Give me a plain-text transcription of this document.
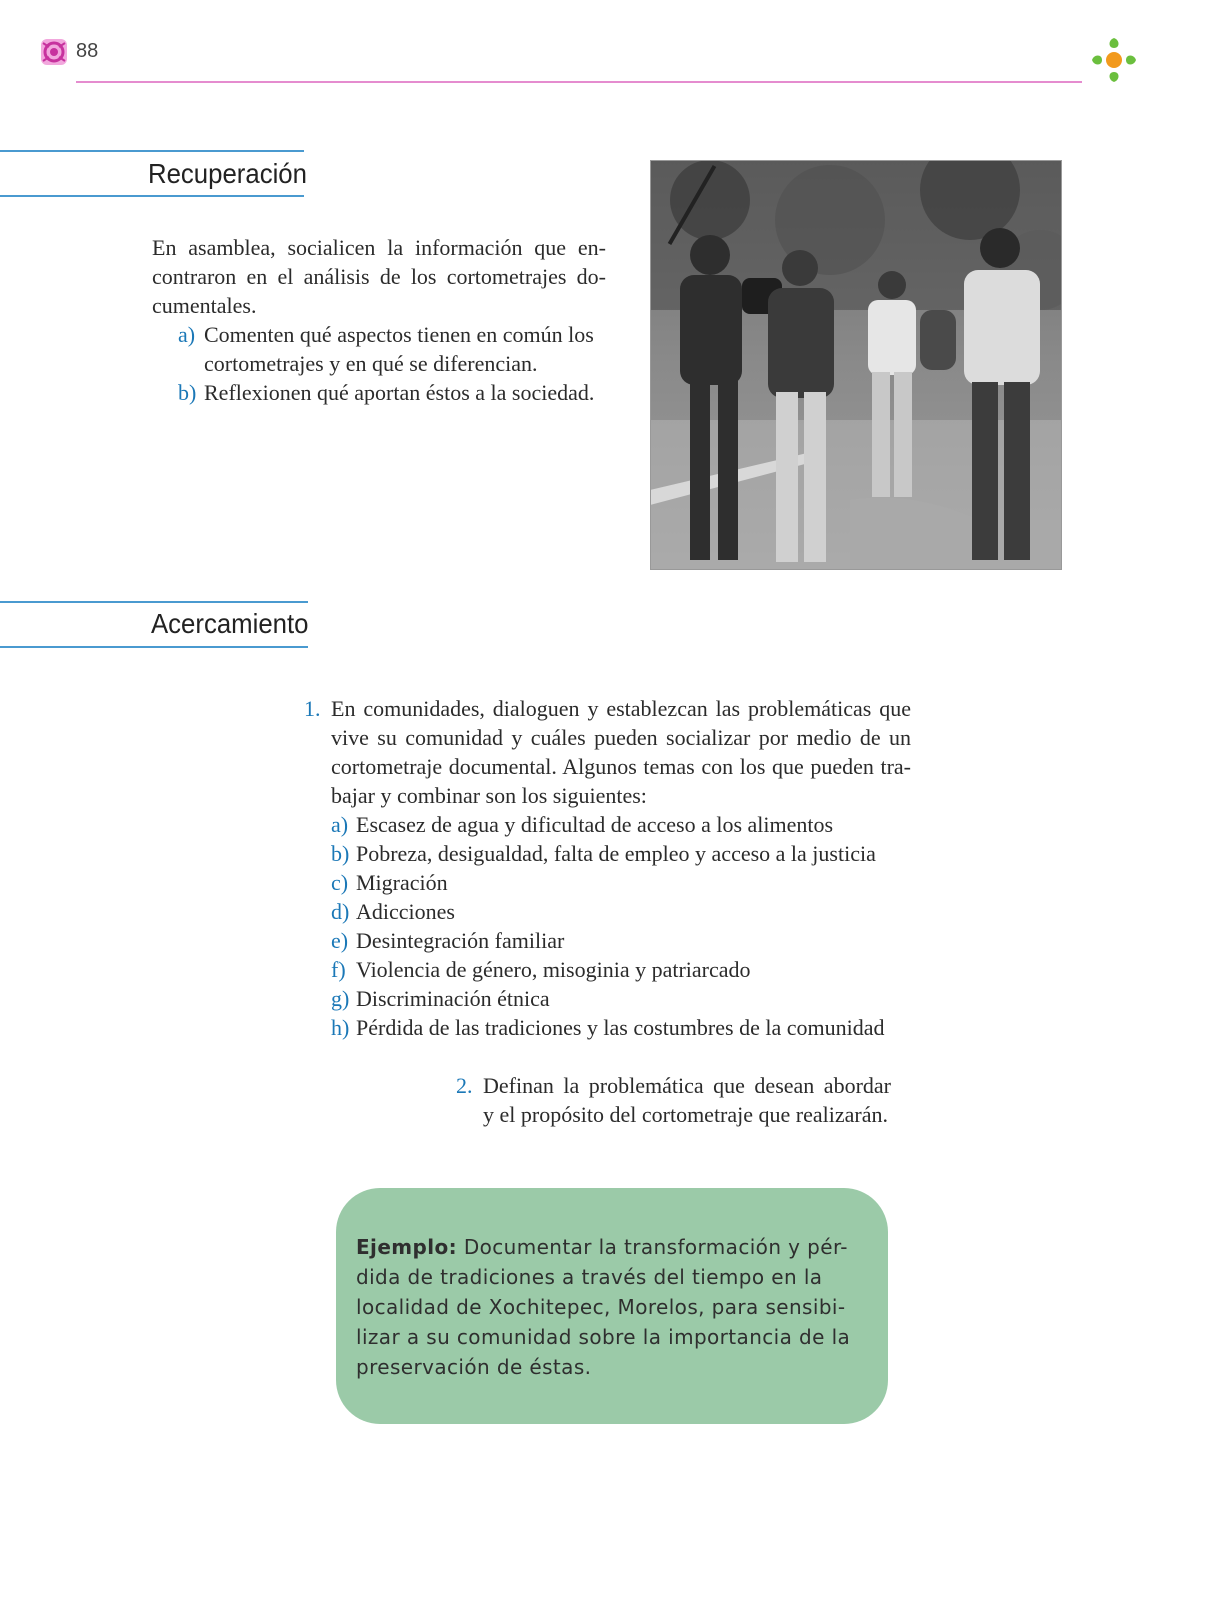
88
Recuperación
En asamblea, socialicen la información que en-
contraron en el análisis de los cortometrajes do-
cumentales.
a) Comenten qué aspectos tienen en común los
cortometrajes y en qué se diferencian.
b) Reflexionen qué aportan éstos a la sociedad.
Acercamiento
1. En comunidades, dialoguen y establezcan las problemáticas que
vive su comunidad y cuáles pueden socializar por medio de un
cortometraje documental. Algunos temas con los que pueden tra-
bajar y combinar son los siguientes:
a) Escasez de agua y dificultad de acceso a los alimentos
b) Pobreza, desigualdad, falta de empleo y acceso a la justicia
c) Migración
d) Adicciones
e) Desintegración familiar
f) Violencia de género, misoginia y patriarcado
g) Discriminación étnica
h) Pérdida de las tradiciones y las costumbres de la comunidad
2. Definan la problemática que desean abordar
y el propósito del cortometraje que realizarán.
Ejemplo: Documentar la transformación y pér-
dida de tradiciones a través del tiempo en la
localidad de Xochitepec, Morelos, para sensibi-
lizar a su comunidad sobre la importancia de la
preservación de éstas.
